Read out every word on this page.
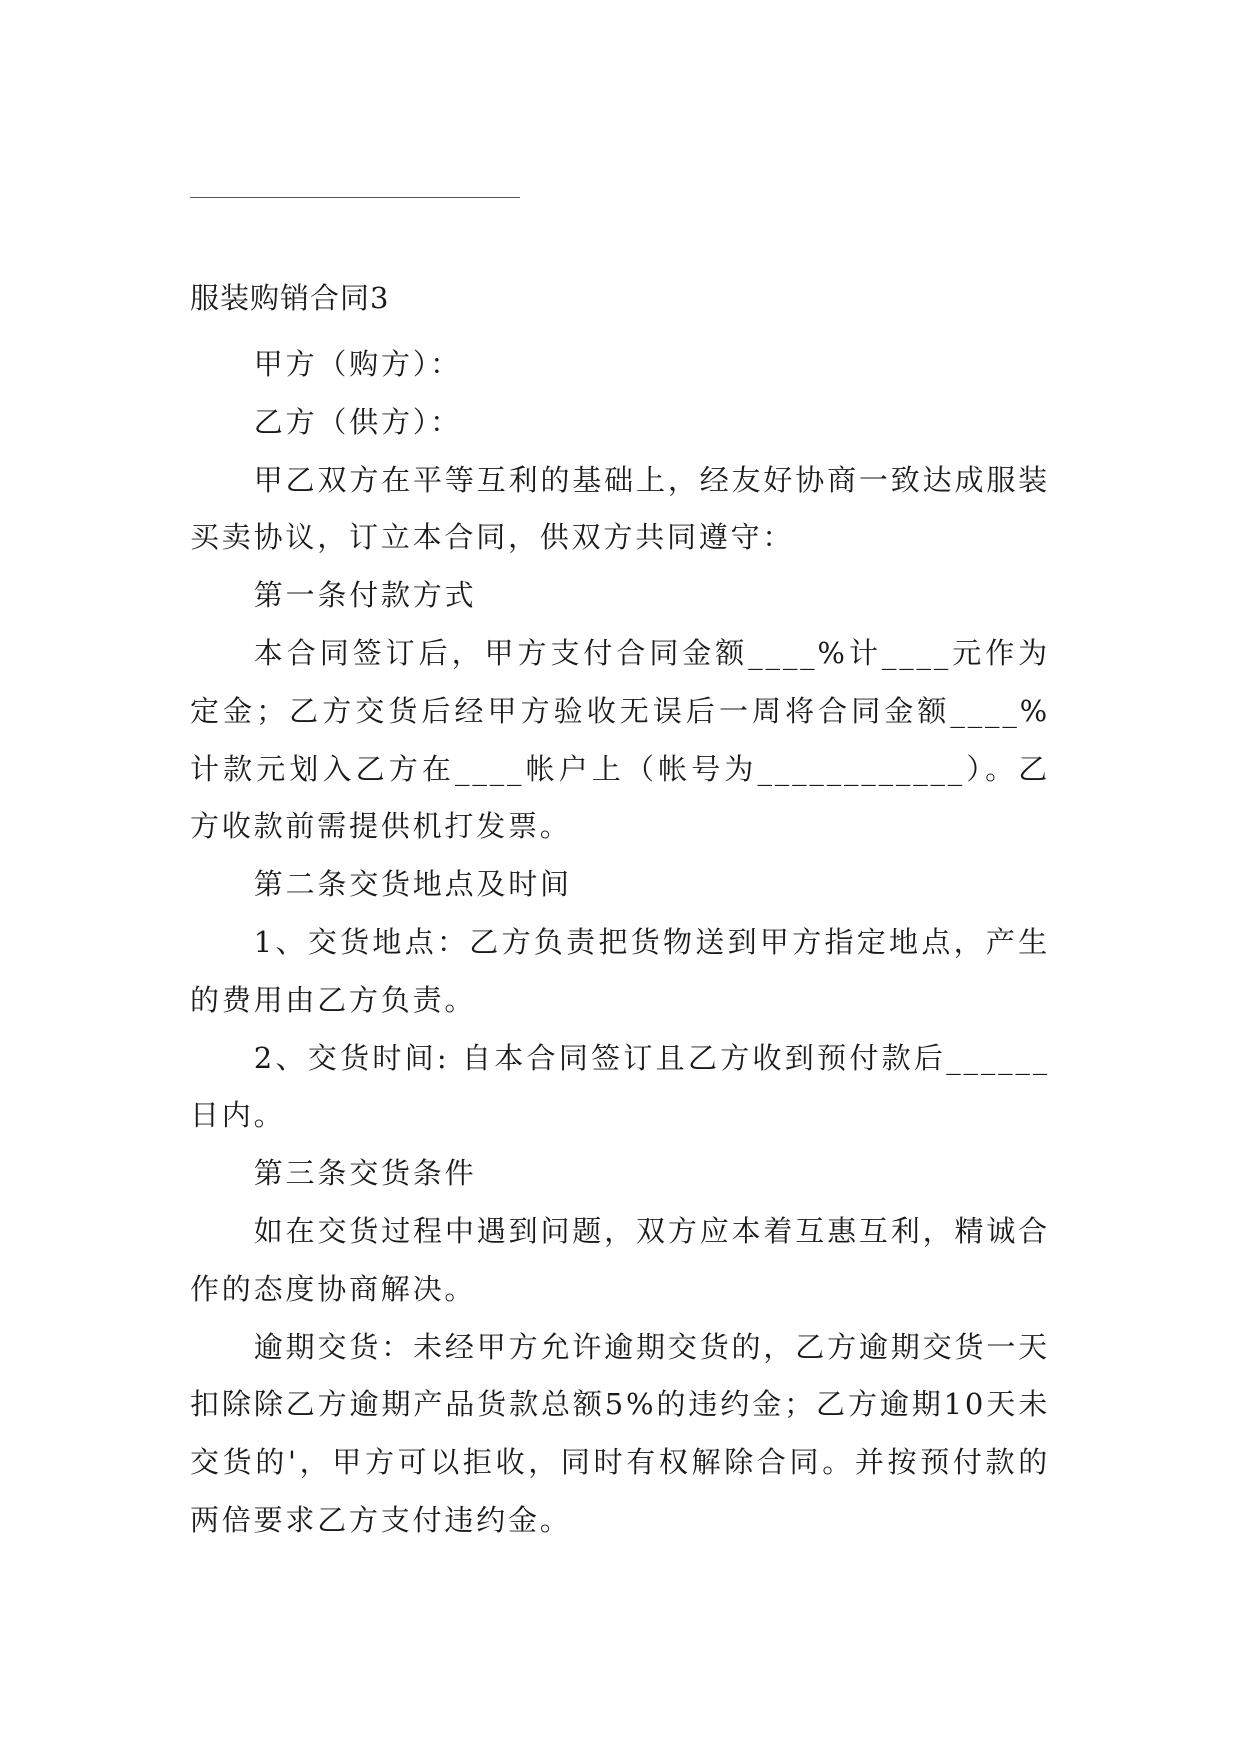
服装购销合同3

甲方（购方）：

乙方（供方）：

甲乙双方在平等互利的基础上，经友好协商一致达成服装买卖协议，订立本合同，供双方共同遵守：

第一条付款方式

本合同签订后，甲方支付合同金额____%计____元作为定金；乙方交货后经甲方验收无误后一周将合同金额____%计款元划入乙方在____帐户上（帐号为____________）。乙方收款前需提供机打发票。

第二条交货地点及时间

1、交货地点：乙方负责把货物送到甲方指定地点，产生的费用由乙方负责。

2、交货时间: 自本合同签订且乙方收到预付款后______日内。

第三条交货条件

如在交货过程中遇到问题，双方应本着互惠互利，精诚合作的态度协商解决。

逾期交货：未经甲方允许逾期交货的，乙方逾期交货一天扣除除乙方逾期产品货款总额5%的违约金；乙方逾期10天未交货的'，甲方可以拒收，同时有权解除合同。并按预付款的两倍要求乙方支付违约金。
